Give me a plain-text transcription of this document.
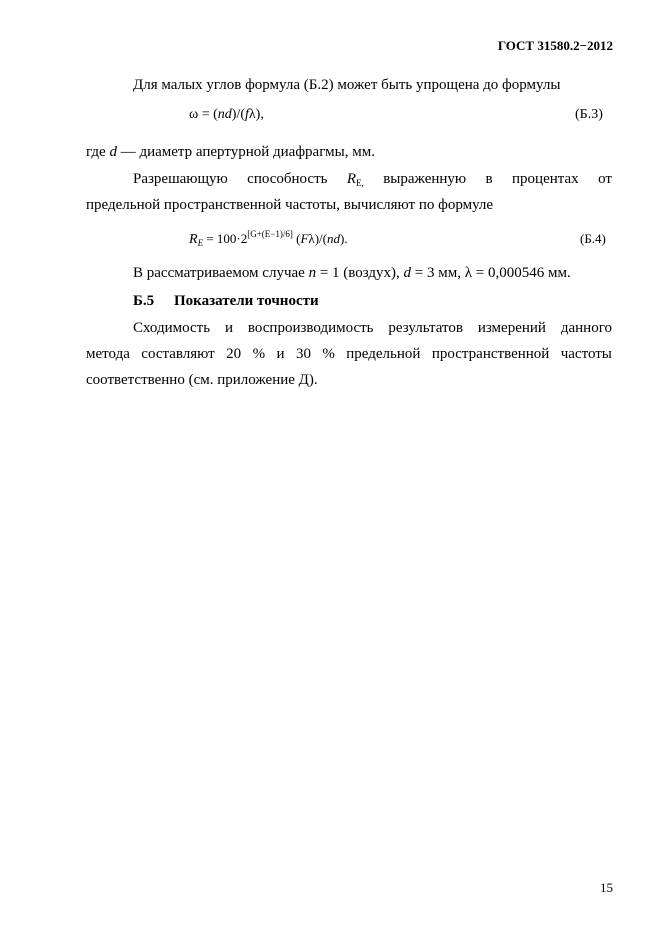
ГОСТ 31580.2−2012
Для малых углов формула (Б.2) может быть упрощена до формулы
ω = (nd)/(fλ),	(Б.3)
где d — диаметр апертурной диафрагмы, мм.
Разрешающую способность $R_{E,}$ выраженную в процентах от
предельной пространственной частоты, вычисляют по формуле
$R_E = 100\cdot 2[G+(E-1)/6]$ (Fλ)/(nd).	(Б.4)
В рассматриваемом случае n = 1 (воздух), d = 3 мм, λ = 0,000546 мм.
Б.5 Показатели точности
Сходимость и воспроизводимость результатов измерений данного
метода составляют 20 % и 30 % предельной пространственной частоты
соответственно (см. приложение Д).
15
